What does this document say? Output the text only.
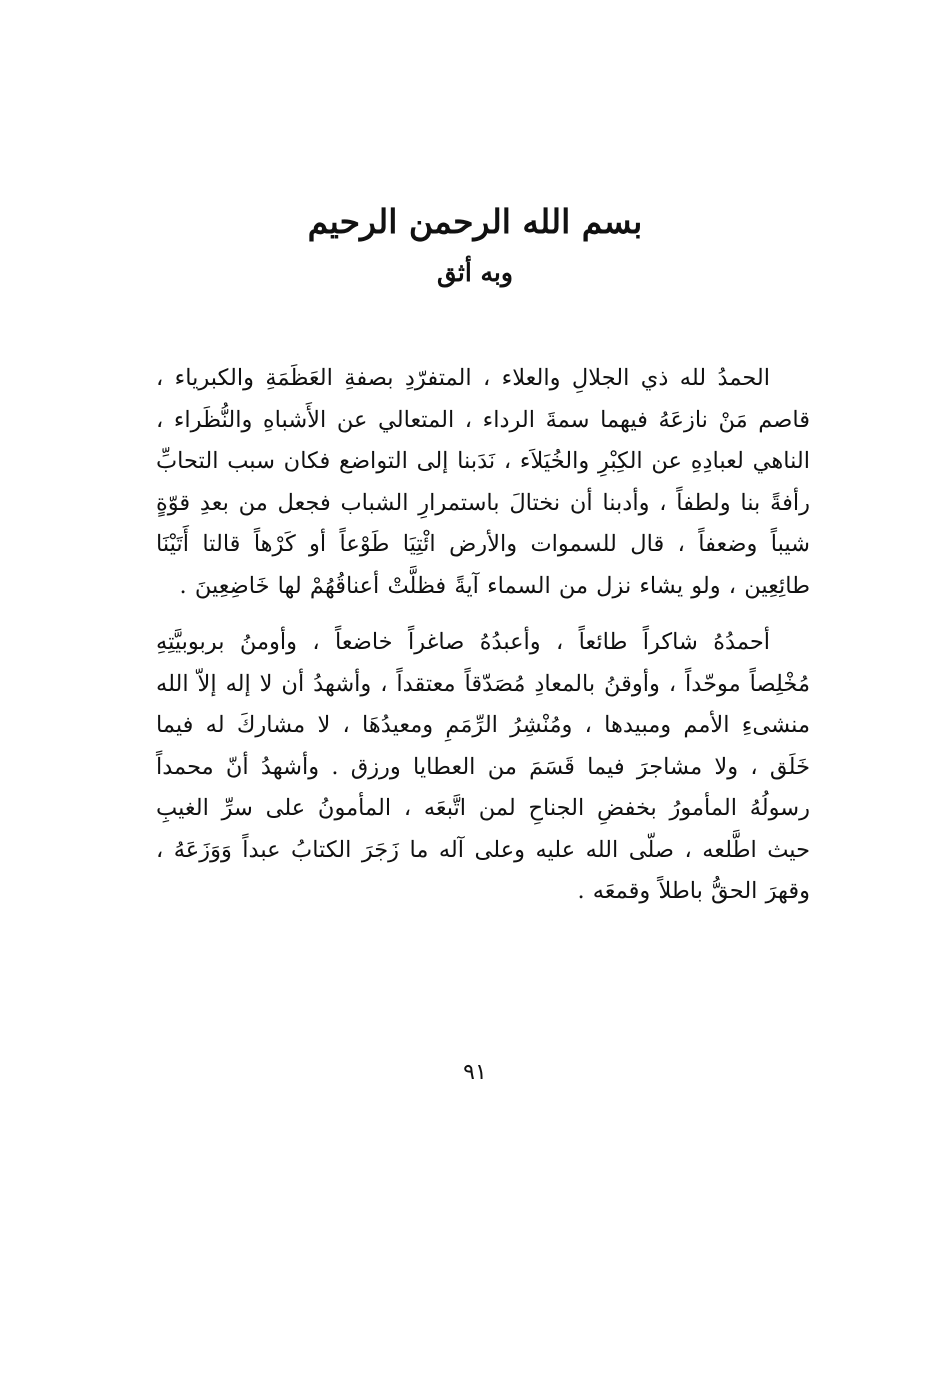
بسم الله الرحمن الرحيم
وبه أثق

الحمدُ لله ذي الجلالِ والعلاء ، المتفرّدِ بصفةِ العَظَمَةِ والكبرياء ، قاصم مَنْ نازعَهُ فيهما سمةَ الرداء ، المتعالي عن الأَشباهِ والنُّظَراء ، الناهي لعبادِهِ عن الكِبْرِ والخُيَلاَء ، نَدَبنا إلى التواضع فكان سبب التحابِّ رأفةً بنا ولطفاً ، وأدبنا أن نختالَ باستمرارِ الشباب فجعل من بعدِ قوّةٍ شيباً وضعفاً ، قال للسموات والأرض ائْتِيَا طَوْعاً أو كَرْهاً قالتا أَتَيْنَا طائِعِين ، ولو يشاء نزل من السماء آيةً فظلَّتْ أعناقُهُمْ لها خَاضِعِينَ .

أحمدُهُ شاكراً طائعاً ، وأعبدُهُ صاغراً خاضعاً ، وأومنُ بربوبيَّتِهِ مُخْلِصاً موحّداً ، وأوقنُ بالمعادِ مُصَدّقاً معتقداً ، وأشهدُ أن لا إله إلاّ الله منشىءِ الأمم ومبيدها ، ومُنْشِرُ الرِّمَمِ ومعيدُهَا ، لا مشاركَ له فيما خَلَق ، ولا مشاجرَ فيما قَسَمَ من العطايا ورزق . وأشهدُ أنّ محمداً رسولُهُ المأمورُ بخفضِ الجناحِ لمن اتَّبعَه ، المأمونُ على سرِّ الغيبِ حيث اطَّلعه ، صلّى الله عليه وعلى آله ما زَجَرَ الكتابُ عبداً وَوَزَعَهُ ، وقهرَ الحقُّ باطلاً وقمعَه .

٩١
